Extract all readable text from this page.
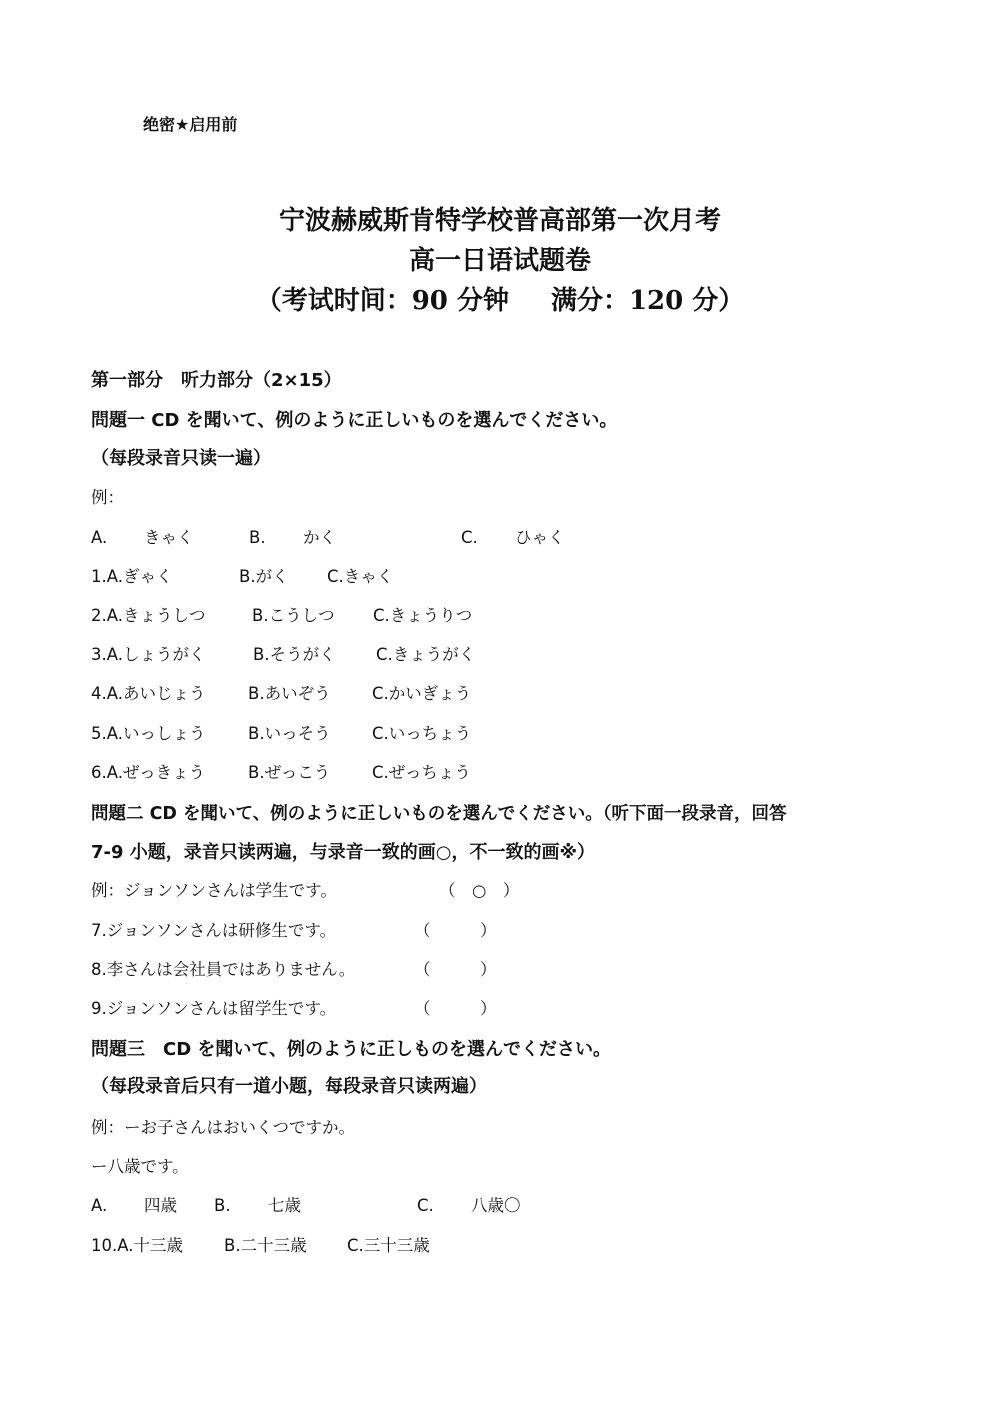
绝密★启用前
宁波赫威斯肯特学校普高部第一次月考
高一日语试题卷
（考试时间：90 分钟 满分：120 分）
第一部分　听力部分（2×15）
問題一 CD を聞いて、例のように正しいものを選んでください。
（每段录音只读一遍）
例：
A. きゃく	B. かく	C. ひゃく
1.A.ぎゃく	B.がく C.きゃく
2.A.きょうしつ	B.こうしつ C.きょうりつ
3.A.しょうがく	B.そうがく C.きょうがく
4.A.あいじょう	B.あいぞう	C.かいぎょう
5.A.いっしょう	B.いっそう	C.いっちょう
6.A.ぜっきょう	B.ぜっこう	C.ぜっちょう
問題二 CD を聞いて、例のように正しいものを選んでください。（听下面一段录音，回答
7-9 小题，录音只读两遍，与录音一致的画○，不一致的画※）
例：ジョンソンさんは学生です。	（　○　）
7.ジョンソンさんは研修生です。	（　　　）
8.李さんは会社員ではありません。	（　　　）
9.ジョンソンさんは留学生です。	（　　　）
問題三　CD を聞いて、例のように正しものを選んでください。
（每段录音后只有一道小题，每段录音只读两遍）
例：ーお子さんはおいくつですか。
ー八歳です。
A. 四歳 B. 七歳	C. 八歳〇
10.A.十三歳 B.二十三歳 C.三十三歳
